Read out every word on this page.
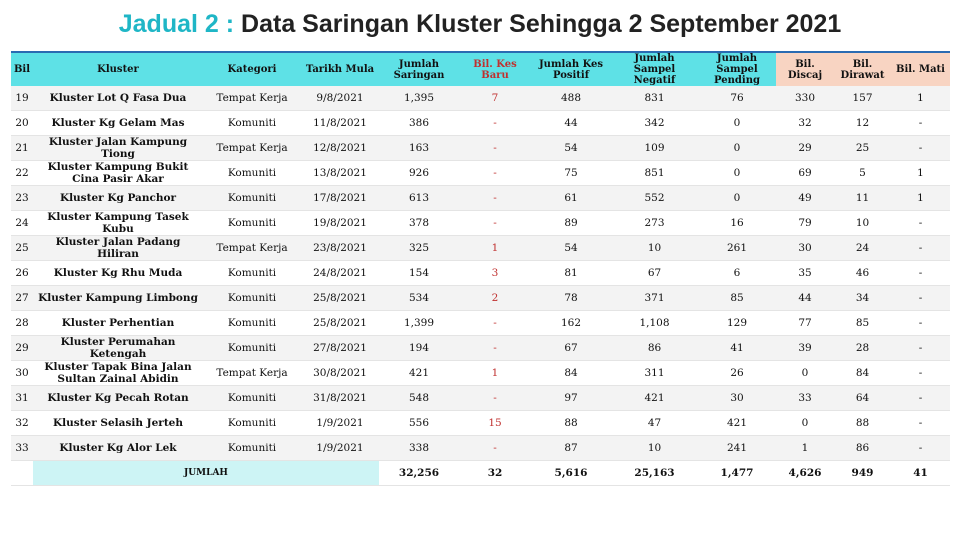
Jadual 2 : Data Saringan Kluster Sehingga 2 September 2021
Bil	Kluster	Kategori	Tarikh Mula	Jumlah Saringan	Bil. Kes Baru	Jumlah Kes Positif	Jumlah Sampel Negatif	Jumlah Sampel Pending	Bil. Discaj	Bil. Dirawat	Bil. Mati
19	Kluster Lot Q Fasa Dua	Tempat Kerja	9/8/2021	1,395	7	488	831	76	330	157	1
20	Kluster Kg Gelam Mas	Komuniti	11/8/2021	386	-	44	342	0	32	12	-
21	Kluster Jalan Kampung Tiong	Tempat Kerja	12/8/2021	163	-	54	109	0	29	25	-
22	Kluster Kampung Bukit Cina Pasir Akar	Komuniti	13/8/2021	926	-	75	851	0	69	5	1
23	Kluster Kg Panchor	Komuniti	17/8/2021	613	-	61	552	0	49	11	1
24	Kluster Kampung Tasek Kubu	Komuniti	19/8/2021	378	-	89	273	16	79	10	-
25	Kluster Jalan Padang Hiliran	Tempat Kerja	23/8/2021	325	1	54	10	261	30	24	-
26	Kluster Kg Rhu Muda	Komuniti	24/8/2021	154	3	81	67	6	35	46	-
27	Kluster Kampung Limbong	Komuniti	25/8/2021	534	2	78	371	85	44	34	-
28	Kluster Perhentian	Komuniti	25/8/2021	1,399	-	162	1,108	129	77	85	-
29	Kluster Perumahan Ketengah	Komuniti	27/8/2021	194	-	67	86	41	39	28	-
30	Kluster Tapak Bina Jalan Sultan Zainal Abidin	Tempat Kerja	30/8/2021	421	1	84	311	26	0	84	-
31	Kluster Kg Pecah Rotan	Komuniti	31/8/2021	548	-	97	421	30	33	64	-
32	Kluster Selasih Jerteh	Komuniti	1/9/2021	556	15	88	47	421	0	88	-
33	Kluster Kg Alor Lek	Komuniti	1/9/2021	338	-	87	10	241	1	86	-
	JUMLAH			32,256	32	5,616	25,163	1,477	4,626	949	41
